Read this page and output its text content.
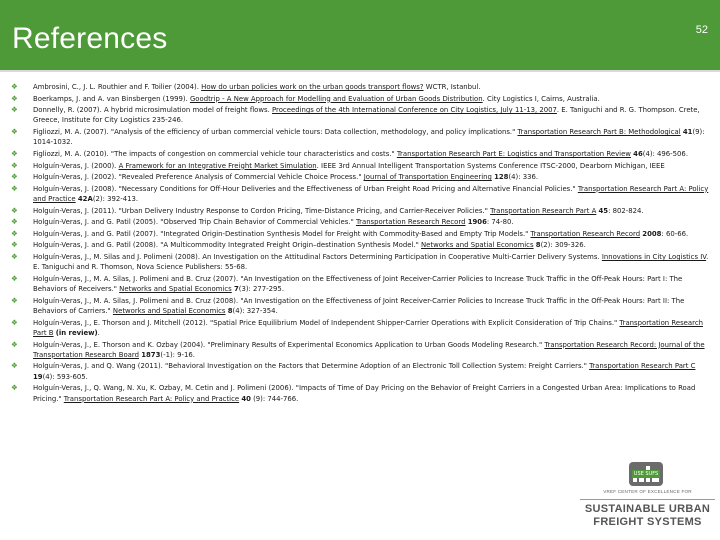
References	52
❖ Ambrosini, C., J. L. Routhier and F. Toilier (2004). How do urban policies work on the urban goods transport flows? WCTR, Istanbul.
❖ Boerkamps, J. and A. van Binsbergen (1999). Goodtrip - A New Approach for Modelling and Evaluation of Urban Goods Distribution. City Logistics I, Cairns, Australia.
❖ Donnelly, R. (2007). A hybrid microsimulation model of freight flows. Proceedings of the 4th International Conference on City Logistics, July 11-13, 2007. E. Taniguchi and R. G. Thompson. Crete, Greece, Institute for City Logistics 235-246.
❖ Figliozzi, M. A. (2007). "Analysis of the efficiency of urban commercial vehicle tours: Data collection, methodology, and policy implications." Transportation Research Part B: Methodological 41(9): 1014-1032.
❖ Figliozzi, M. A. (2010). "The impacts of congestion on commercial vehicle tour characteristics and costs." Transportation Research Part E: Logistics and Transportation Review 46(4): 496-506.
❖ Holguín-Veras, J. (2000). A Framework for an Integrative Freight Market Simulation. IEEE 3rd Annual Intelligent Transportation Systems Conference ITSC-2000, Dearborn Michigan, IEEE
❖ Holguín-Veras, J. (2002). "Revealed Preference Analysis of Commercial Vehicle Choice Process." Journal of Transportation Engineering 128(4): 336.
❖ Holguín-Veras, J. (2008). "Necessary Conditions for Off-Hour Deliveries and the Effectiveness of Urban Freight Road Pricing and Alternative Financial Policies." Transportation Research Part A: Policy and Practice 42A(2): 392-413.
❖ Holguín-Veras, J. (2011). "Urban Delivery Industry Response to Cordon Pricing, Time-Distance Pricing, and Carrier-Receiver Policies." Transportation Research Part A 45: 802-824.
❖ Holguín-Veras, J. and G. Patil (2005). "Observed Trip Chain Behavior of Commercial Vehicles." Transportation Research Record 1906: 74-80.
❖ Holguín-Veras, J. and G. Patil (2007). "Integrated Origin-Destination Synthesis Model for Freight with Commodity-Based and Empty Trip Models." Transportation Research Record 2008: 60-66.
❖ Holguín-Veras, J. and G. Patil (2008). "A Multicommodity Integrated Freight Origin–destination Synthesis Model." Networks and Spatial Economics 8(2): 309-326.
❖ Holguín-Veras, J., M. Silas and J. Polimeni (2008). An Investigation on the Attitudinal Factors Determining Participation in Cooperative Multi-Carrier Delivery Systems. Innovations in City Logistics IV. E. Taniguchi and R. Thomson, Nova Science Publishers: 55-68.
❖ Holguín-Veras, J., M. A. Silas, J. Polimeni and B. Cruz (2007). "An Investigation on the Effectiveness of Joint Receiver-Carrier Policies to Increase Truck Traffic in the Off-Peak Hours: Part I: The Behaviors of Receivers." Networks and Spatial Economics 7(3): 277-295.
❖ Holguín-Veras, J., M. A. Silas, J. Polimeni and B. Cruz (2008). "An Investigation on the Effectiveness of Joint Receiver-Carrier Policies to Increase Truck Traffic in the Off-Peak Hours: Part II: The Behaviors of Carriers." Networks and Spatial Economics 8(4): 327-354.
❖ Holguín-Veras, J., E. Thorson and J. Mitchell (2012). "Spatial Price Equilibrium Model of Independent Shipper-Carrier Operations with Explicit Consideration of Trip Chains." Transportation Research Part B (in review).
❖ Holguín-Veras, J., E. Thorson and K. Ozbay (2004). "Preliminary Results of Experimental Economics Application to Urban Goods Modeling Research." Transportation Research Record: Journal of the Transportation Research Board 1873(-1): 9-16.
❖ Holguín-Veras, J. and Q. Wang (2011). "Behavioral Investigation on the Factors that Determine Adoption of an Electronic Toll Collection System: Freight Carriers." Transportation Research Part C 19(4): 593-605.
❖ Holguín-Veras, J., Q. Wang, N. Xu, K. Ozbay, M. Cetin and J. Polimeni (2006). "Impacts of Time of Day Pricing on the Behavior of Freight Carriers in a Congested Urban Area: Implications to Road Pricing." Transportation Research Part A: Policy and Practice 40 (9): 744-766.
USE SUFS
VREF CENTER OF EXCELLENCE FOR
SUSTAINABLE URBAN
FREIGHT SYSTEMS
